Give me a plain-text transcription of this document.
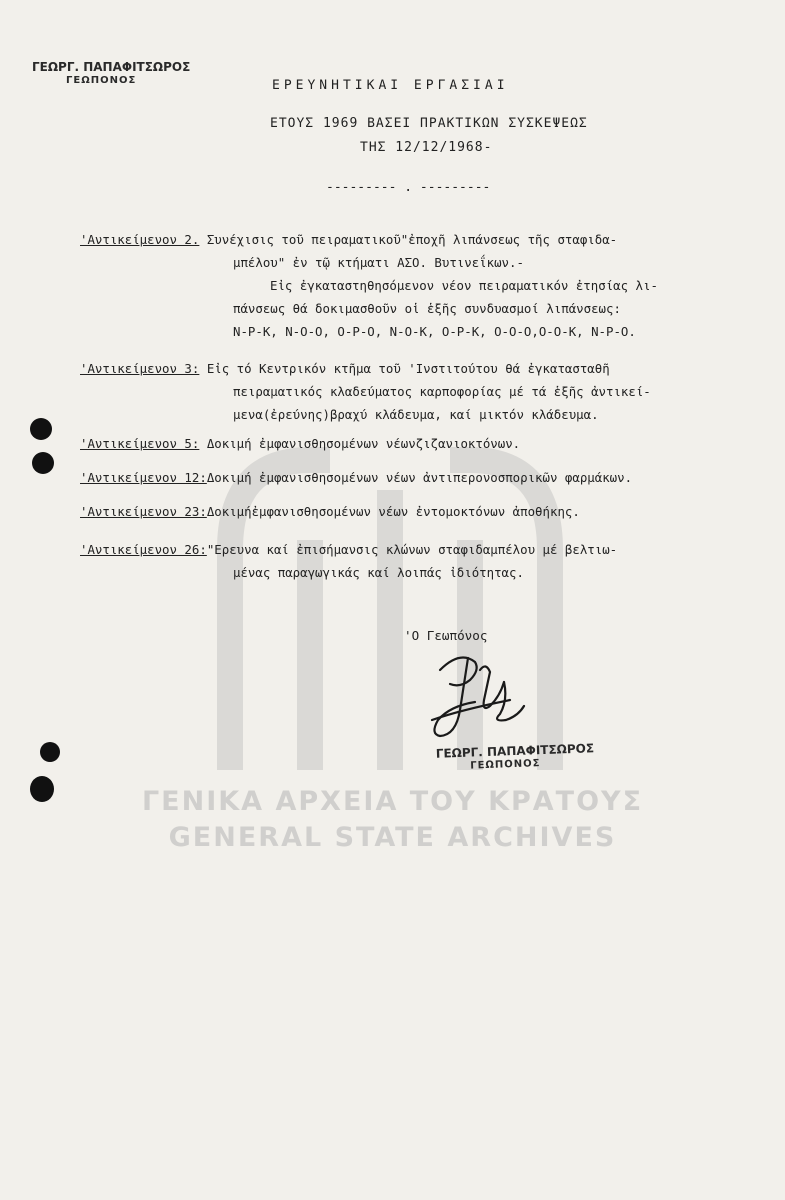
ΓΕΩΡΓ. ΠΑΠΑΦΙΤΣΩΡΟΣ
ΓΕΩΠΟΝΟΣ	ΕΡΕΥΝΗΤΙΚΑΙ ΕΡΓΑΣΙΑΙ
ΕΤΟΥΣ 1969 ΒΑΣΕΙ ΠΡΑΚΤΙΚΩΝ ΣΥΣΚΕΨΕΩΣ
ΤΗΣ 12/12/1968-
--------- . ---------
'Αντικείμενον 2. Συνέχισις τοῦ πειραματικοῦ"ἐποχῆ λιπάνσεως τῆς σταφιδα-
μπέλου" ἐν τῷ κτήματι ΑΣΟ. Βυτινεΐκων.-
Εἰς ἐγκαταστηθησόμενον νέον πειραματικόν ἐτησίας λι-
πάνσεως θά δοκιμασθοῦν οἱ ἑξῆς συνδυασμοί λιπάνσεως:
Ν-Ρ-Κ, Ν-Ο-Ο, Ο-Ρ-Ο, Ν-Ο-Κ, Ο-Ρ-Κ, Ο-Ο-Ο,Ο-Ο-Κ, Ν-Ρ-Ο.
'Αντικείμενον 3: Εἰς τό Κεντρικόν κτῆμα τοῦ 'Ινστιτούτου θά ἐγκατασταθῆ
πειραματικός κλαδεύματος καρποφορίας μέ τά ἑξῆς ἀντικεί-
μενα(ἐρεύνης)βραχύ κλάδευμα, καί μικτόν κλάδευμα.
'Αντικείμενον 5: Δοκιμή ἐμφανισθησομένων νέωνζιζανιοκτόνων.
'Αντικείμενον 12:Δοκιμή ἐμφανισθησομένων νέων ἀντιπερονοσπορικῶν φαρμάκων.
'Αντικείμενον 23:Δοκιμήἐμφανισθησομένων νέων ἐντομοκτόνων ἀποθήκης.
'Αντικείμενον 26:"Ερευνα καί ἐπισήμανσις κλώνων σταφιδαμπέλου μέ βελτιω-
μένας παραγωγικάς καί λοιπάς ἰδιότητας.
'Ο Γεωπόνος
ΓΕΩΡΓ. ΠΑΠΑΦΙΤΣΩΡΟΣ
ΓΕΩΠΟΝΟΣ
ΓΕΝΙΚΑ ΑΡΧΕΙΑ ΤΟΥ ΚΡΑΤΟΥΣ
GENERAL STATE ARCHIVES
